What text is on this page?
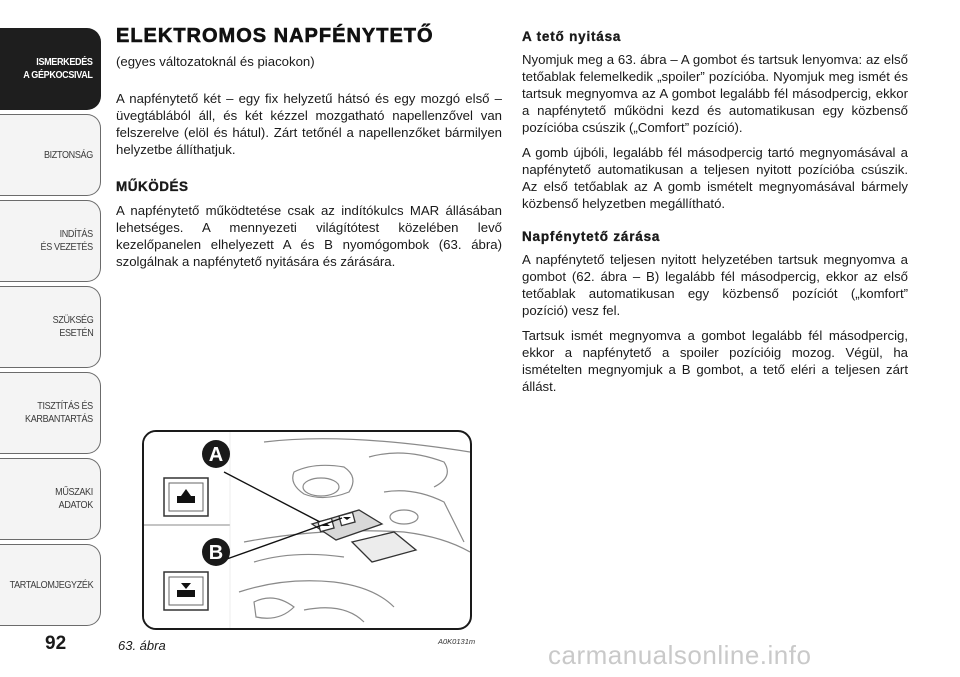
ISMERKEDÉS
A GÉPKOCSIVAL
BIZTONSÁG
INDÍTÁS
ÉS VEZETÉS
SZÜKSÉG
ESETÉN
TISZTÍTÁS ÉS
KARBANTARTÁS
MŰSZAKI
ADATOK
TARTALOMJEGYZÉK
92
ELEKTROMOS NAPFÉNYTETŐ
(egyes változatoknál és piacokon)

A napfénytető két – egy fix helyzetű hátsó és egy mozgó első – üvegtáblából áll, és két kézzel mozgatható napellenzővel van felszerelve (elöl és hátul). Zárt tetőnél a napellenzőket bármilyen helyzetbe állíthatjuk.

MŰKÖDÉS

A napfénytető működtetése csak az indítókulcs MAR állásában lehetséges. A mennyezeti világítótest közelében levő kezelőpanelen elhelyezett A és B nyomógombok (63. ábra) szolgálnak a napfénytető nyitására és zárására.

A tető nyitása

Nyomjuk meg a 63. ábra – A gombot és tartsuk lenyomva: az első tetőablak felemelkedik „spoiler” pozícióba. Nyomjuk meg ismét és tartsuk megnyomva az A gombot legalább fél másodpercig, ekkor a napfénytető működni kezd és automatikusan egy közbenső pozícióba csúszik („Comfort” pozíció).

A gomb újbóli, legalább fél másodpercig tartó megnyomásával a napfénytető automatikusan a teljesen nyitott pozícióba csúszik. Az első tetőablak az A gomb ismételt megnyomásával bármely közbenső helyzetben megállítható.

Napfénytető zárása

A napfénytető teljesen nyitott helyzetében tartsuk megnyomva a gombot (62. ábra – B) legalább fél másodpercig, ekkor az első tetőablak automatikusan egy közbenső pozíciót („komfort” pozíció) vesz fel.

Tartsuk ismét megnyomva a gombot legalább fél másodpercig, ekkor a napfénytető a spoiler pozícióig mozog. Végül, ha ismételten megnyomjuk a B gombot, a tető eléri a teljesen zárt állást.

A
B
63. ábra	A0K0131m	carmanualsonline.info
